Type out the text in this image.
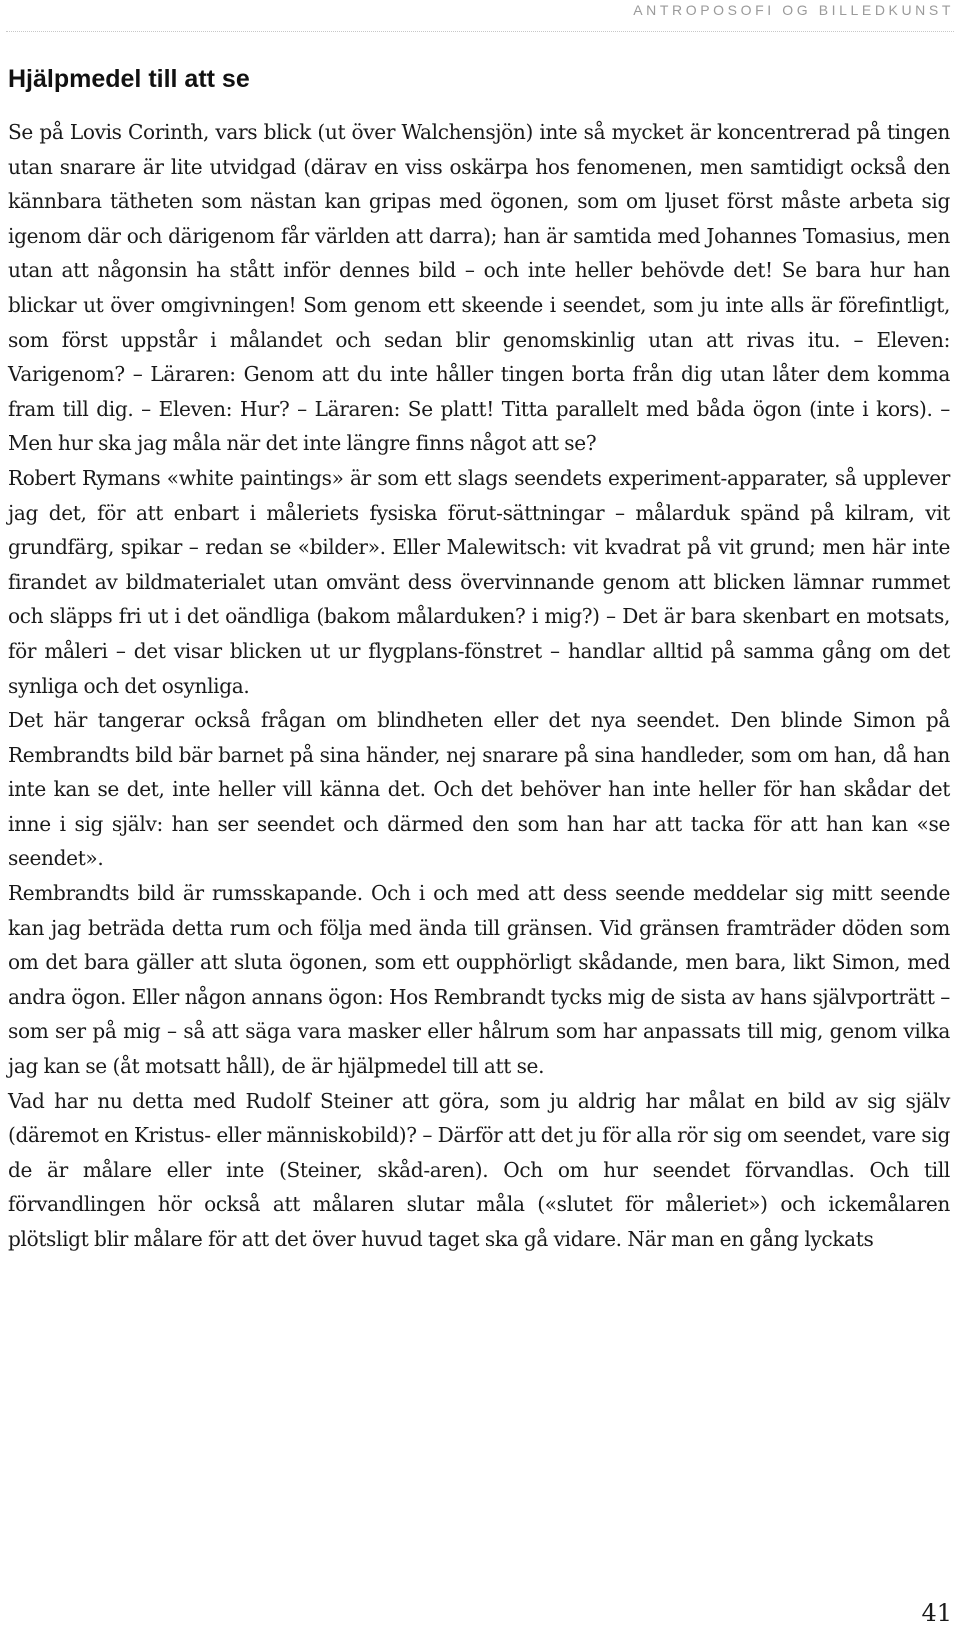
ANTROPOSOFI OG BILLEDKUNST
Hjälpmedel till att se

Se på Lovis Corinth, vars blick (ut över Walchensjön) inte så mycket är koncentrerad på tingen utan snarare är lite utvidgad (därav en viss oskärpa hos fenomenen, men samtidigt också den kännbara tätheten som nästan kan gripas med ögonen, som om ljuset först måste arbeta sig igenom där och därigenom får världen att darra); han är samtida med Johannes Tomasius, men utan att någonsin ha stått inför dennes bild – och inte heller behövde det! Se bara hur han blickar ut över omgivningen! Som genom ett skeende i seendet, som ju inte alls är förefintligt, som först uppstår i målandet och sedan blir genomskinlig utan att rivas itu. – Eleven: Varigenom? – Läraren: Genom att du inte håller tingen borta från dig utan låter dem komma fram till dig. – Eleven: Hur? – Läraren: Se platt! Titta parallelt med båda ögon (inte i kors). – Men hur ska jag måla när det inte längre finns något att se?

Robert Rymans «white paintings» är som ett slags seendets experiment-apparater, så upplever jag det, för att enbart i måleriets fysiska förut-sättningar – målarduk spänd på kilram, vit grundfärg, spikar – redan se «bilder». Eller Malewitsch: vit kvadrat på vit grund; men här inte firandet av bildmaterialet utan omvänt dess övervinnande genom att blicken lämnar rummet och släpps fri ut i det oändliga (bakom målarduken? i mig?) – Det är bara skenbart en motsats, för måleri – det visar blicken ut ur flygplans-fönstret – handlar alltid på samma gång om det synliga och det osynliga.

Det här tangerar också frågan om blindheten eller det nya seendet. Den blinde Simon på Rembrandts bild bär barnet på sina händer, nej snarare på sina handleder, som om han, då han inte kan se det, inte heller vill känna det. Och det behöver han inte heller för han skådar det inne i sig själv: han ser seendet och därmed den som han har att tacka för att han kan «se seendet».

Rembrandts bild är rumsskapande. Och i och med att dess seende meddelar sig mitt seende kan jag beträda detta rum och följa med ända till gränsen. Vid gränsen framträder döden som om det bara gäller att sluta ögonen, som ett oupphörligt skådande, men bara, likt Simon, med andra ögon. Eller någon annans ögon: Hos Rembrandt tycks mig de sista av hans självporträtt – som ser på mig – så att säga vara masker eller hålrum som har anpassats till mig, genom vilka jag kan se (åt motsatt håll), de är hjälpmedel till att se.

Vad har nu detta med Rudolf Steiner att göra, som ju aldrig har målat en bild av sig själv (däremot en Kristus- eller människobild)? – Därför att det ju för alla rör sig om seendet, vare sig de är målare eller inte (Steiner, skåd-aren). Och om hur seendet förvandlas. Och till förvandlingen hör också att målaren slutar måla («slutet för måleriet») och ickemålaren plötsligt blir målare för att det över huvud taget ska gå vidare. När man en gång lyckats

41
